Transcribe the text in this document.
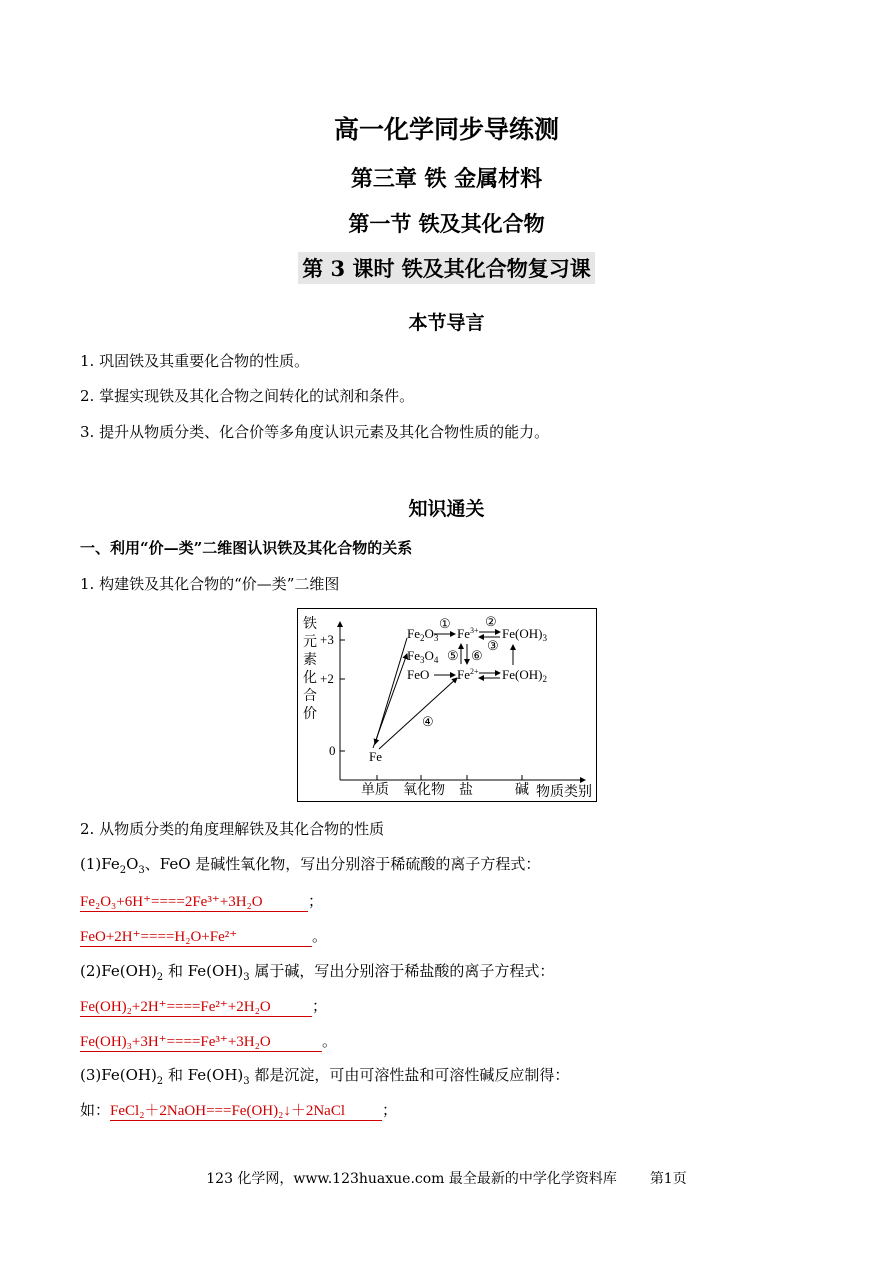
高一化学同步导练测
第三章 铁 金属材料
第一节 铁及其化合物
第 3 课时 铁及其化合物复习课
本节导言
1. 巩固铁及其重要化合物的性质。
2. 掌握实现铁及其化合物之间转化的试剂和条件。
3. 提升从物质分类、化合价等多角度认识元素及其化合物性质的能力。
知识通关
一、利用“价—类”二维图认识铁及其化合物的关系
1. 构建铁及其化合物的“价—类”二维图
铁
元
素
化
合
价
+3
+2
0
单质 氧化物 盐	碱 物质类别
Fe
$Fe_2O_3$
$Fe_3O_4$
FeO
$Fe^{3+}$
$Fe^{2+}$
$Fe(OH)_3$
$Fe(OH)_2$
①	②
③
④
⑤ ⑥
2. 从物质分类的角度理解铁及其化合物的性质
$(1)Fe_2O_3$、FeO 是碱性氧化物，写出分别溶于稀硫酸的离子方程式：
Fe₂O₃+6H⁺====2Fe³⁺+3H₂O	；
FeO+2H⁺====H₂O+Fe²⁺	。
$(2)Fe(OH)_2$ 和 $Fe(OH)_3$ 属于碱，写出分别溶于稀盐酸的离子方程式：
Fe(OH)₂+2H⁺====Fe²⁺+2H₂O	；
Fe(OH)₃+3H⁺====Fe³⁺+3H₂O	。
$(3)Fe(OH)_2$ 和 $Fe(OH)_3$ 都是沉淀，可由可溶性盐和可溶性碱反应制得：
如：FeCl₂＋2NaOH===Fe(OH)₂↓＋2NaCl ；
123 化学网，www.123huaxue.com 最全最新的中学化学资料库 第1页
